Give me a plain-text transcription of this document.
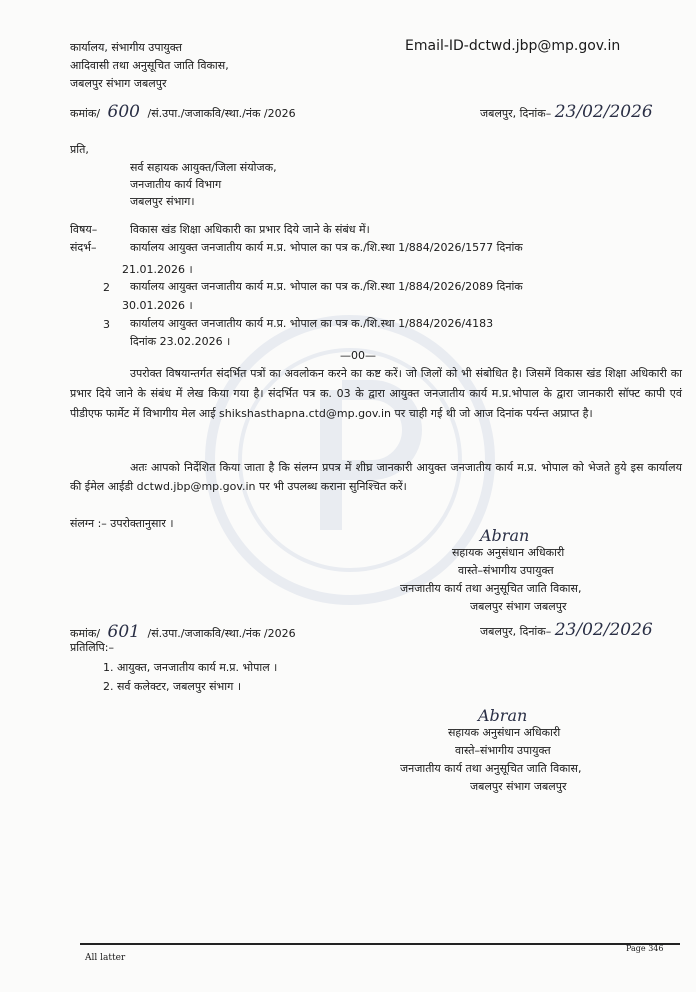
कार्यालय, संभागीय उपायुक्त
आदिवासी तथा अनुसूचित जाति विकास,
जबलपुर संभाग जबलपुर
Email-ID-dctwd.jbp@mp.gov.in
कमांक/ 600 /सं.उपा./जजाकवि/स्था./नंक /2026	जबलपुर, दिनांक– 23/02/2026
प्रति,
सर्व सहायक आयुक्त/जिला संयोजक,
जनजातीय कार्य विभाग
जबलपुर संभाग।
विषय–	विकास खंड शिक्षा अधिकारी का प्रभार दिये जाने के संबंध में।
संदर्भ–	कार्यालय आयुक्त जनजातीय कार्य म.प्र. भोपाल का पत्र क./शि.स्था 1/884/2026/1577 दिनांक
21.01.2026 ।
2 कार्यालय आयुक्त जनजातीय कार्य म.प्र. भोपाल का पत्र क./शि.स्था 1/884/2026/2089 दिनांक
30.01.2026 ।
3 कार्यालय आयुक्त जनजातीय कार्य म.प्र. भोपाल का पत्र क./शि.स्था 1/884/2026/4183
दिनांक 23.02.2026 ।
—00—
उपरोक्त विषयान्तर्गत संदर्भित पत्रों का अवलोकन करने का कष्ट करें। जो जिलों को भी संबोधित है। जिसमें विकास खंड शिक्षा अधिकारी का प्रभार दिये जाने के संबंध में लेख किया गया है। संदर्भित पत्र क. 03 के द्वारा आयुक्त जनजातीय कार्य म.प्र.भोपाल के द्वारा जानकारी सॉफ्ट कापी एवं पीडीएफ फार्मेट में विभागीय मेल आई shikshasthapna.ctd@mp.gov.in पर चाही गई थी जो आज दिनांक पर्यन्त अप्राप्त है।
अतः आपको निर्देशित किया जाता है कि संलग्न प्रपत्र में शीघ्र जानकारी आयुक्त जनजातीय कार्य म.प्र. भोपाल को भेजते हुये इस कार्यालय की ईमेल आईडी dctwd.jbp@mp.gov.in पर भी उपलब्ध कराना सुनिश्चित करें।
संलग्न :– उपरोक्तानुसार ।
Abran
सहायक अनुसंधान अधिकारी
वास्ते–संभागीय उपायुक्त
जनजातीय कार्य तथा अनुसूचित जाति विकास,
जबलपुर संभाग जबलपुर
कमांक/ 601 /सं.उपा./जजाकवि/स्था./नंक /2026	जबलपुर, दिनांक– 23/02/2026
प्रतिलिपि:–
1. आयुक्त, जनजातीय कार्य म.प्र. भोपाल ।
2. सर्व कलेक्टर, जबलपुर संभाग ।
Abran
सहायक अनुसंधान अधिकारी
वास्ते–संभागीय उपायुक्त
जनजातीय कार्य तथा अनुसूचित जाति विकास,
जबलपुर संभाग जबलपुर
All latter
Page 346
